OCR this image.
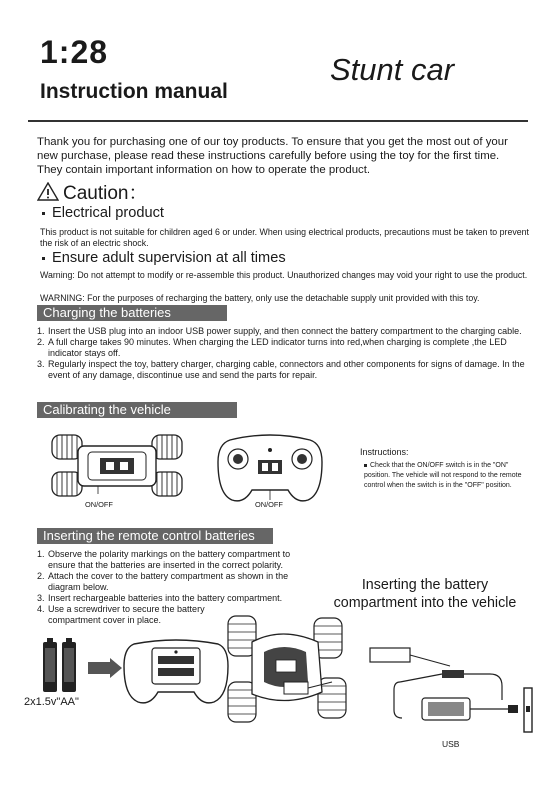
1:28
Instruction manual
Stunt car
Thank you for purchasing one of our toy products. To ensure that you get the most out of your new purchase, please read these instructions carefully before using the toy for the first time. They contain important information on how to operate the product.
Caution：
Electrical product
This product is not suitable for children aged 6 or under. When using electrical products, precautions must be taken to prevent the risk of an electric shock.
Ensure adult supervision at all times
Warning: Do not attempt to modify or re-assemble this product. Unauthorized changes may void your right to use the product.
WARNING: For the purposes of recharging the battery, only use the detachable supply unit provided with this toy.
Charging the batteries
1. Insert the USB plug into an indoor USB power supply, and then connect the battery compartment to the charging cable.
2. A full charge takes 90 minutes. When charging the LED indicator turns into red,when charging is complete ,the LED indicator stays off.
3. Regularly inspect the toy, battery charger, charging cable, connectors and other components for signs of damage. In the event of any damage, discontinue use and send the parts for repair.
Calibrating the vehicle
ON/OFF	ON/OFF
Instructions:
Check that the ON/OFF switch is in the "ON" position. The vehicle will not respond to the remote control when the switch is in the "OFF" position.
Inserting the remote control batteries
1. Observe the polarity markings on the battery compartment to ensure that the batteries are inserted in the correct polarity.
2. Attach the cover to the battery compartment as shown in the diagram below.
3. Insert rechargeable batteries into the battery compartment.
4. Use a screwdriver to secure the battery compartment cover in place.
2x1.5v"AA"
Inserting the battery compartment into the vehicle
USB
